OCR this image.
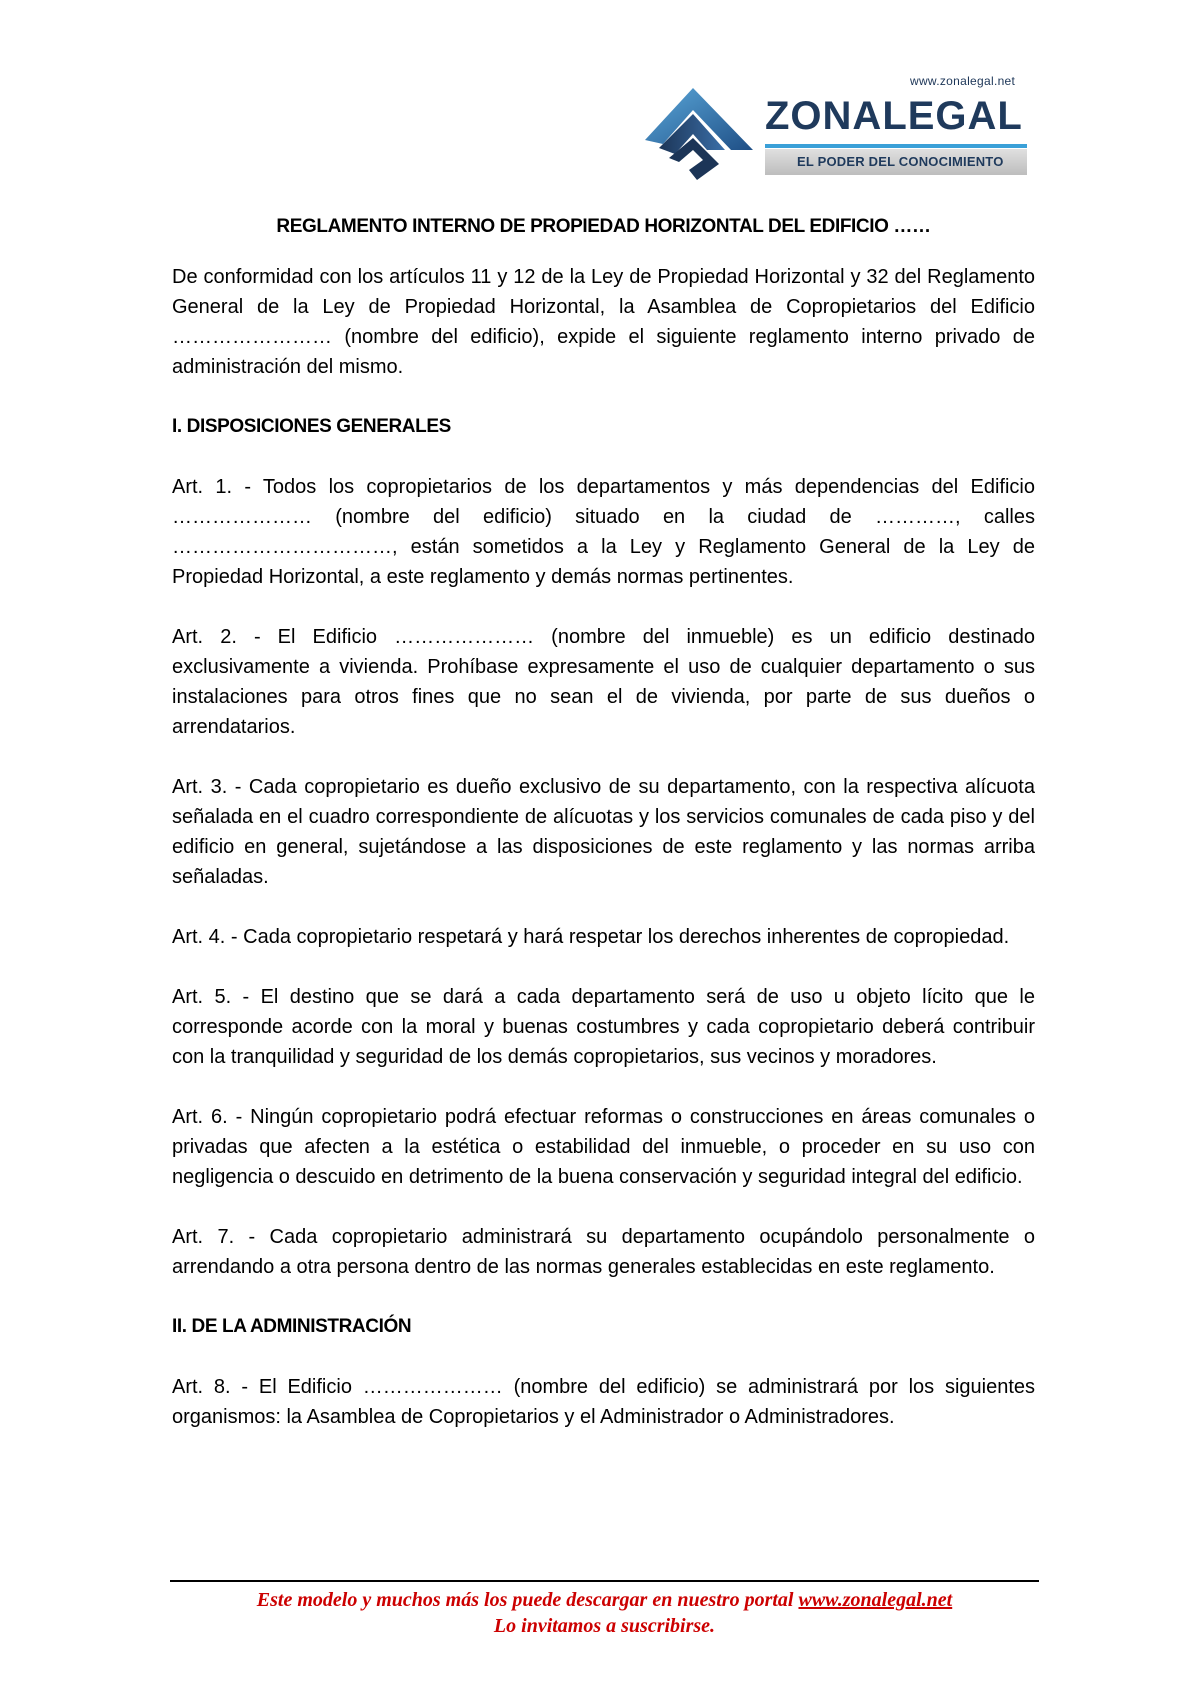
www.zonalegal.net
ZONALEGAL
EL PODER DEL CONOCIMIENTO

REGLAMENTO INTERNO DE PROPIEDAD HORIZONTAL DEL EDIFICIO ……

De conformidad con los artículos 11 y 12 de la Ley de Propiedad Horizontal y 32 del Reglamento General de la Ley de Propiedad Horizontal, la Asamblea de Copropietarios del Edificio …………………… (nombre del edificio), expide el siguiente reglamento interno privado de administración del mismo.

I. DISPOSICIONES GENERALES

Art. 1. - Todos los copropietarios de los departamentos y más dependencias del Edificio ………………… (nombre del edificio) situado en la ciudad de …………, calles ……………………………, están sometidos a la Ley y Reglamento General de la Ley de Propiedad Horizontal, a este reglamento y demás normas pertinentes.

Art. 2. - El Edificio ………………… (nombre del inmueble) es un edificio destinado exclusivamente a vivienda. Prohíbase expresamente el uso de cualquier departamento o sus instalaciones para otros fines que no sean el de vivienda, por parte de sus dueños o arrendatarios.

Art. 3. - Cada copropietario es dueño exclusivo de su departamento, con la respectiva alícuota señalada en el cuadro correspondiente de alícuotas y los servicios comunales de cada piso y del edificio en general, sujetándose a las disposiciones de este reglamento y las normas arriba señaladas.

Art. 4. - Cada copropietario respetará y hará respetar los derechos inherentes de copropiedad.

Art. 5. - El destino que se dará a cada departamento será de uso u objeto lícito que le corresponde acorde con la moral y buenas costumbres y cada copropietario deberá contribuir con la tranquilidad y seguridad de los demás copropietarios, sus vecinos y moradores.

Art. 6. - Ningún copropietario podrá efectuar reformas o construcciones en áreas comunales o privadas que afecten a la estética o estabilidad del inmueble, o proceder en su uso con negligencia o descuido en detrimento de la buena conservación y seguridad integral del edificio.

Art. 7. - Cada copropietario administrará su departamento ocupándolo personalmente o arrendando a otra persona dentro de las normas generales establecidas en este reglamento.

II. DE LA ADMINISTRACIÓN

Art. 8. - El Edificio ………………… (nombre del edificio) se administrará por los siguientes organismos: la Asamblea de Copropietarios y el Administrador o Administradores.

Este modelo y muchos más los puede descargar en nuestro portal www.zonalegal.net
Lo invitamos a suscribirse.
